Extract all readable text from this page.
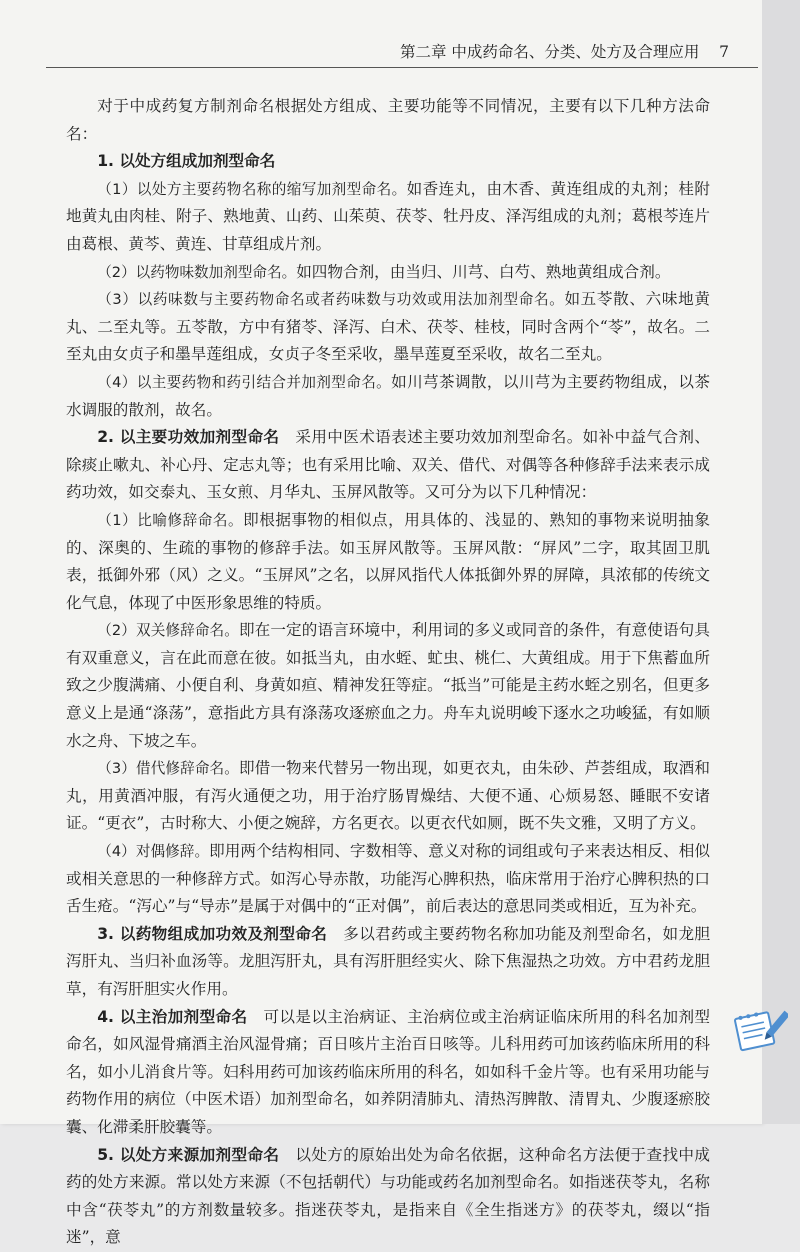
第二章 中成药命名、分类、处方及合理应用 7

对于中成药复方制剂命名根据处方组成、主要功能等不同情况，主要有以下几种方法命名：

1. 以处方组成加剂型命名

（1）以处方主要药物名称的缩写加剂型命名。如香连丸，由木香、黄连组成的丸剂；桂附地黄丸由肉桂、附子、熟地黄、山药、山茱萸、茯苓、牡丹皮、泽泻组成的丸剂；葛根芩连片由葛根、黄芩、黄连、甘草组成片剂。

（2）以药物味数加剂型命名。如四物合剂，由当归、川芎、白芍、熟地黄组成合剂。

（3）以药味数与主要药物命名或者药味数与功效或用法加剂型命名。如五苓散、六味地黄丸、二至丸等。五苓散，方中有猪苓、泽泻、白术、茯苓、桂枝，同时含两个“苓”，故名。二至丸由女贞子和墨旱莲组成，女贞子冬至采收，墨旱莲夏至采收，故名二至丸。

（4）以主要药物和药引结合并加剂型命名。如川芎茶调散，以川芎为主要药物组成，以茶水调服的散剂，故名。

2. 以主要功效加剂型命名 采用中医术语表述主要功效加剂型命名。如补中益气合剂、除痰止嗽丸、补心丹、定志丸等；也有采用比喻、双关、借代、对偶等各种修辞手法来表示成药功效，如交泰丸、玉女煎、月华丸、玉屏风散等。又可分为以下几种情况：

（1）比喻修辞命名。即根据事物的相似点，用具体的、浅显的、熟知的事物来说明抽象的、深奥的、生疏的事物的修辞手法。如玉屏风散等。玉屏风散：“屏风”二字，取其固卫肌表，抵御外邪（风）之义。“玉屏风”之名，以屏风指代人体抵御外界的屏障，具浓郁的传统文化气息，体现了中医形象思维的特质。

（2）双关修辞命名。即在一定的语言环境中，利用词的多义或同音的条件，有意使语句具有双重意义，言在此而意在彼。如抵当丸，由水蛭、虻虫、桃仁、大黄组成。用于下焦蓄血所致之少腹满痛、小便自利、身黄如疸、精神发狂等症。“抵当”可能是主药水蛭之别名，但更多意义上是通“涤荡”，意指此方具有涤荡攻逐瘀血之力。舟车丸说明峻下逐水之功峻猛，有如顺水之舟、下坡之车。

（3）借代修辞命名。即借一物来代替另一物出现，如更衣丸，由朱砂、芦荟组成，取酒和丸，用黄酒冲服，有泻火通便之功，用于治疗肠胃燥结、大便不通、心烦易怒、睡眠不安诸证。“更衣”，古时称大、小便之婉辞，方名更衣。以更衣代如厕，既不失文雅，又明了方义。

（4）对偶修辞。即用两个结构相同、字数相等、意义对称的词组或句子来表达相反、相似或相关意思的一种修辞方式。如泻心导赤散，功能泻心脾积热，临床常用于治疗心脾积热的口舌生疮。“泻心”与“导赤”是属于对偶中的“正对偶”，前后表达的意思同类或相近，互为补充。

3. 以药物组成加功效及剂型命名 多以君药或主要药物名称加功能及剂型命名，如龙胆泻肝丸、当归补血汤等。龙胆泻肝丸，具有泻肝胆经实火、除下焦湿热之功效。方中君药龙胆草，有泻肝胆实火作用。

4. 以主治加剂型命名 可以是以主治病证、主治病位或主治病证临床所用的科名加剂型命名，如风湿骨痛酒主治风湿骨痛；百日咳片主治百日咳等。儿科用药可加该药临床所用的科名，如小儿消食片等。妇科用药可加该药临床所用的科名，如如科千金片等。也有采用功能与药物作用的病位（中医术语）加剂型命名，如养阴清肺丸、清热泻脾散、清胃丸、少腹逐瘀胶囊、化滞柔肝胶囊等。

5. 以处方来源加剂型命名 以处方的原始出处为命名依据，这种命名方法便于查找中成药的处方来源。常以处方来源（不包括朝代）与功能或药名加剂型命名。如指迷茯苓丸，名称中含“茯苓丸”的方剂数量较多。指迷茯苓丸，是指来自《全生指迷方》的茯苓丸，缀以“指迷”，意
